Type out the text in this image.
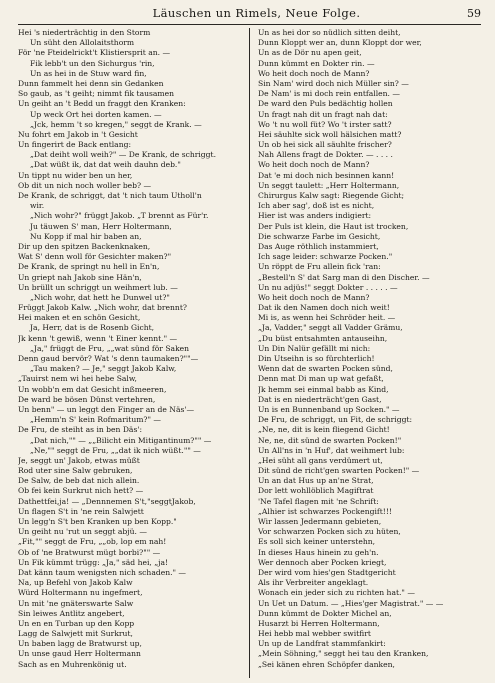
Läuschen un Rimels, Neue Folge.	59
Hei 's niederträchtig in den Storm
Un süht den Allolaitsthorm
För 'ne Fteidelrickt't Klistiersprit an. —
Fik lebb't un den Sichurgus 'rin,
Un as hei in de Stuw ward fin,
Dunn fammelt hei denn sin Gedanken
So gaub, as 't geiht; nimmt fik tausamen
Un geiht an 't Bedd un fraggt den Kranken:
Up weck Ort hei dorten kamen. —
„Jck, hemm 't so kregen," seggt de Krank. —
Nu fohrt em Jakob in 't Gesicht
Un fingerirt de Back entlang:
„Dat deiht woll weih?" — De Krank, de schriggt.
„Dat wüßt ik, dat dat weih dauhn deb."
Un tippt nu wider ben un her,
Ob dit un nich noch woller beb? —
De Krank, de schriggt, dat 't nich taum Utholl'n
wir.
„Nich wohr?" früggt Jakob. „T brennt as Für'r.
Ju täuwen S' man, Herr Holtermann,
Nu Kopp if mal hir baben an,
Dir up den spitzen Backenknaken,
Wat S' denn woll för Gesichter maken?"
De Krank, de springt nu hell in En'n,
Un griept nah Jakob sine Hän'n,
Un brüllt un schriggt un weihmert lub. —
„Nich wohr, dat hett he Dunwel ut?"
Früggt Jakob Kalw. „Nich wohr, dat brennt?
Hei maken et en schön Gesicht,
Ja, Herr, dat is de Rosenb Gicht,
Jk kenn 't gewiß, wenn 't Einer kennt." —
„Ja," früggt de Fru, „„wat sünd för Saken
Denn gaud bervör? Wat 's denn taumaken?""—
„Tau maken? — Je," seggt Jakob Kalw,
„Tauirst nem wi hei hebe Salw,
Un wobb'n em dat Gesicht inßmeeren,
De ward be bösen Dünst vertehren,
Un benn" — un leggt den Finger an de Näs'—
„Hemm'n S' kein Rofmaritum?" —
De Fru, de steiht as in ben Däs':
„Dat nich,"" — „„Bilicht ein Mitigantinum?"" —
„Ne,"" seggt de Fru, „„dat ik nich wüßt."" —
Je, seggt un' Jakob, etwas müßt
Rod uter sine Salw gebruken,
De Salw, de beb dat nich allein.
Ob fei kein Surkrut nich hett? —
Dathettfei,ja! — „Dennnemen S't,"seggtJakob,
Un flagen S't in 'ne rein Salwjett
Un legg'n S't ben Kranken up ben Kopp."
Un geiht nu 'rut un seggt abjü. —
„Fit,"" seggt de Fru, „„ob, lop em nah!
Ob of 'ne Bratwurst mügt borbi?"" —
Un Fik kümmt trügg: „Ja," säd hei, „ja!
Dat känn taum wenigsten nich schaden." —
Na, up Befehl von Jakob Kalw
Würd Holtermann nu ingefmert,
Un mit 'ne gnäterswarte Salw
Sin leiwes Antlitz angebert,
Un en en Turban up den Kopp
Lagg de Salwjett mit Surkrut,
Un baben lagg de Bratwurst up,
Un unse gaud Herr Holtermann
Sach as en Muhrenkönig ut.
Un as hei dor so nüdlich sitten deiht,
Dunn Kloppt wer an, dunn Kloppt dor wer,
Un as de Dör nu apen geit,
Dunn kümmt en Dokter rin. —
Wo heit doch noch de Mann?
Sin Nam' wird doch nich Müller sin? —
De Nam' is mi doch rein entfallen. —
De ward den Puls bedächtig hollen
Un fragt nah dit un fragt nah dat:
Wo 't nu woll füt? Wo 't irster satt?
Hei säuhlte sick woll hälsichen matt?
Un ob hei sick all säuhlte frischer?
Nah Allens fragt de Dokter. — . . . .
Wo heit doch noch de Mann?
Dat 'e mi doch nich besinnen kann!
Un seggt taulett: „Herr Holtermann,
Chirurgus Kalw sagt: Riegende Gicht;
Ich aber sag', doß ist es nicht,
Hier ist was anders indigiert:
Der Puls ist klein, die Haut ist trocken,
Die schwarze Farbe im Gesicht,
Das Auge röthlich instammiert,
Ich sage leider: schwarze Pocken."
Un röppt de Fru allein fick 'ran:
„Bestell'n S' dat Sarg man di den Discher. —
Un nu adjüs!" seggt Dokter . . . . . —
Wo heit doch noch de Mann?
Dat ik den Namen doch nich weit!
Mi is, as wenn hei Schröder heit. —
„Ja, Vadder," seggt all Vadder Grämu,
„Du büst entsahmten antauseihn,
Un Din Nalür gefällt mi nich:
Din Utseihn is so fürchterlich!
Wenn dat de swarten Pocken sünd,
Denn mat Di man up wat gefaßt,
Jk hemm sei einmal babb as Kind,
Dat is en niederträcht'gen Gast,
Un is en Bunnenband up Socken." —
De Fru, de schriggt, un Fit, de schriggt:
„Ne, ne, dit is kein fliegend Gicht!
Ne, ne, dit sünd de swarten Pocken!"
Un All'ns in 'n Huf', dat weihmert lub:
„Hei süht all gans verdümert ut,
Dit sünd de richt'gen swarten Pocken!" —
Un an dat Hus up an'ne Strat,
Dor lett wohllöblich Magiftrat
'Ne Tafel flagen mit 'ne Schrift:
„Alhier ist schwarzes Pockengift!!!
Wir lassen Jedermann gebieten,
Vor schwarzen Pocken sich zu hüten,
Es soll sich keiner unterstehn,
In dieses Haus hinein zu geh'n.
Wer dennoch aber Pocken kriegt,
Der wird vom hies'gen Stadtgericht
Als ihr Verbreiter angeklagt.
Wonach ein jeder sich zu richten hat." —
Un Uet un Datum. — „Hies'ger Magistrat." — —
Dunn kümmt de Dokter Michel an,
Husarzt bi Herren Holtermann,
Hei hebb mal webber switfirt
Un up de Landfrat stammfankirt:
„Mein Söhning," seggt hei tau den Kranken,
„Sei känen ehren Schöpfer danken,
